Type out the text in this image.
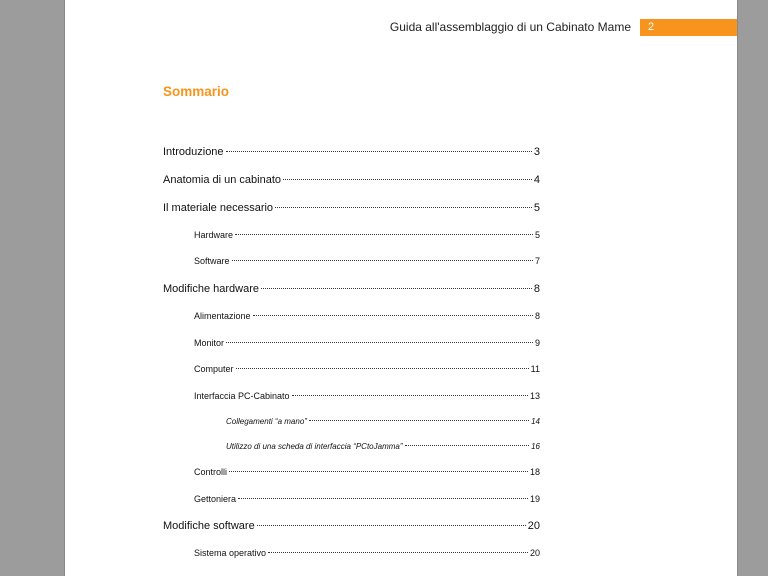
Guida all'assemblaggio di un Cabinato Mame	2
Sommario
Introduzione	3
Anatomia di un cabinato	4
Il materiale necessario	5
Hardware	5
Software	7
Modifiche hardware	8
Alimentazione	8
Monitor	9
Computer	11
Interfaccia PC-Cabinato	13
Collegamenti “a mano”	14
Utilizzo di una scheda di interfaccia “PCtoJamma”	16
Controlli	18
Gettoniera	19
Modifiche software	20
Sistema operativo	20
